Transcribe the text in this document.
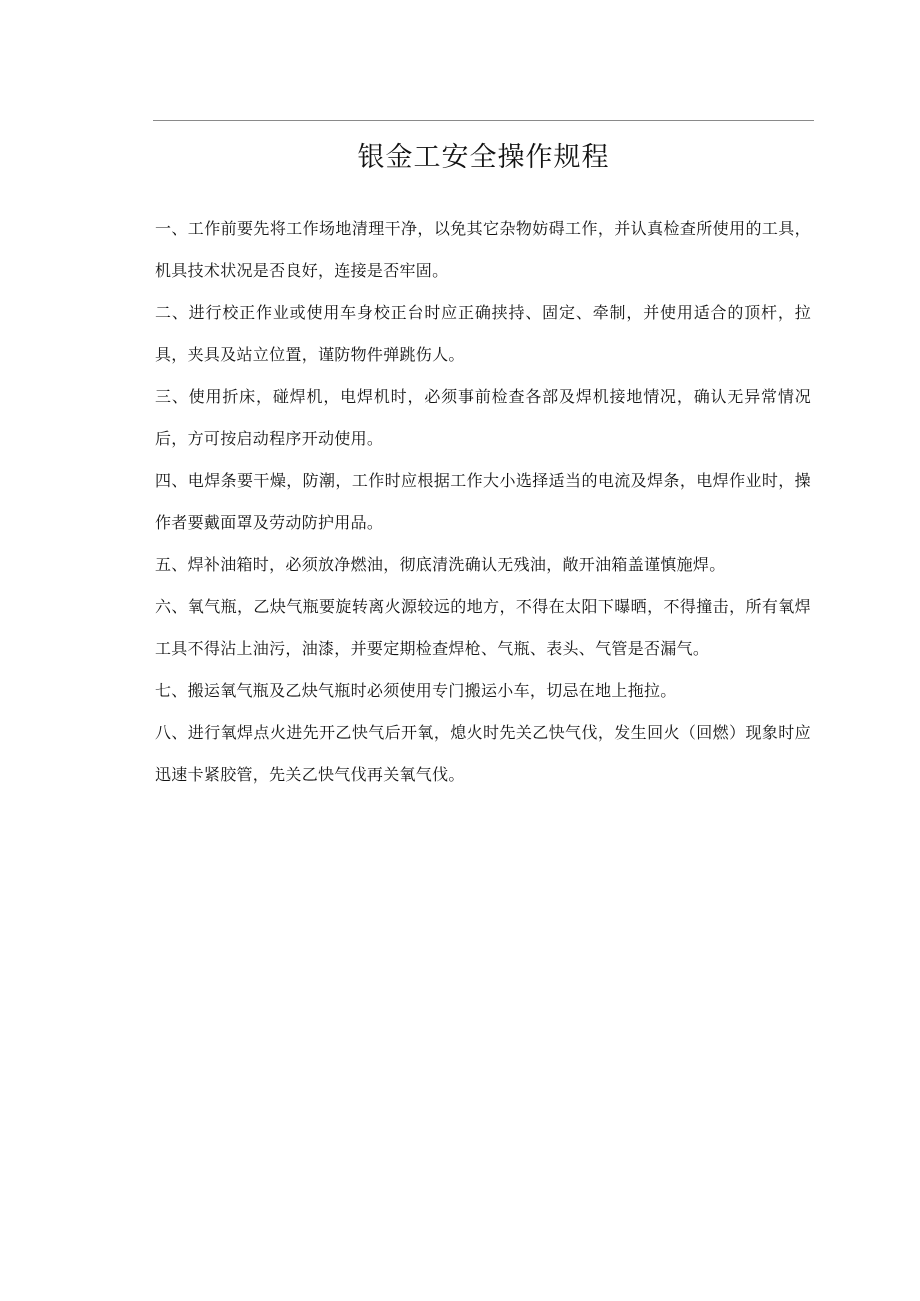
银金工安全操作规程

一、工作前要先将工作场地清理干净，以免其它杂物妨碍工作，并认真检查所使用的工具，机具技术状况是否良好，连接是否牢固。

二、进行校正作业或使用车身校正台时应正确挟持、固定、牵制，并使用适合的顶杆，拉具，夹具及站立位置，谨防物件弹跳伤人。

三、使用折床，碰焊机，电焊机时，必须事前检查各部及焊机接地情况，确认无异常情况后，方可按启动程序开动使用。

四、电焊条要干燥，防潮，工作时应根据工作大小选择适当的电流及焊条，电焊作业时，操作者要戴面罩及劳动防护用品。

五、焊补油箱时，必须放净燃油，彻底清洗确认无残油，敞开油箱盖谨慎施焊。

六、氧气瓶，乙炔气瓶要旋转离火源较远的地方，不得在太阳下曝晒，不得撞击，所有氧焊工具不得沾上油污，油漆，并要定期检查焊枪、气瓶、表头、气管是否漏气。

七、搬运氧气瓶及乙炔气瓶时必须使用专门搬运小车，切忌在地上拖拉。

八、进行氧焊点火进先开乙快气后开氧，熄火时先关乙快气伐，发生回火（回燃）现象时应迅速卡紧胶管，先关乙快气伐再关氧气伐。
